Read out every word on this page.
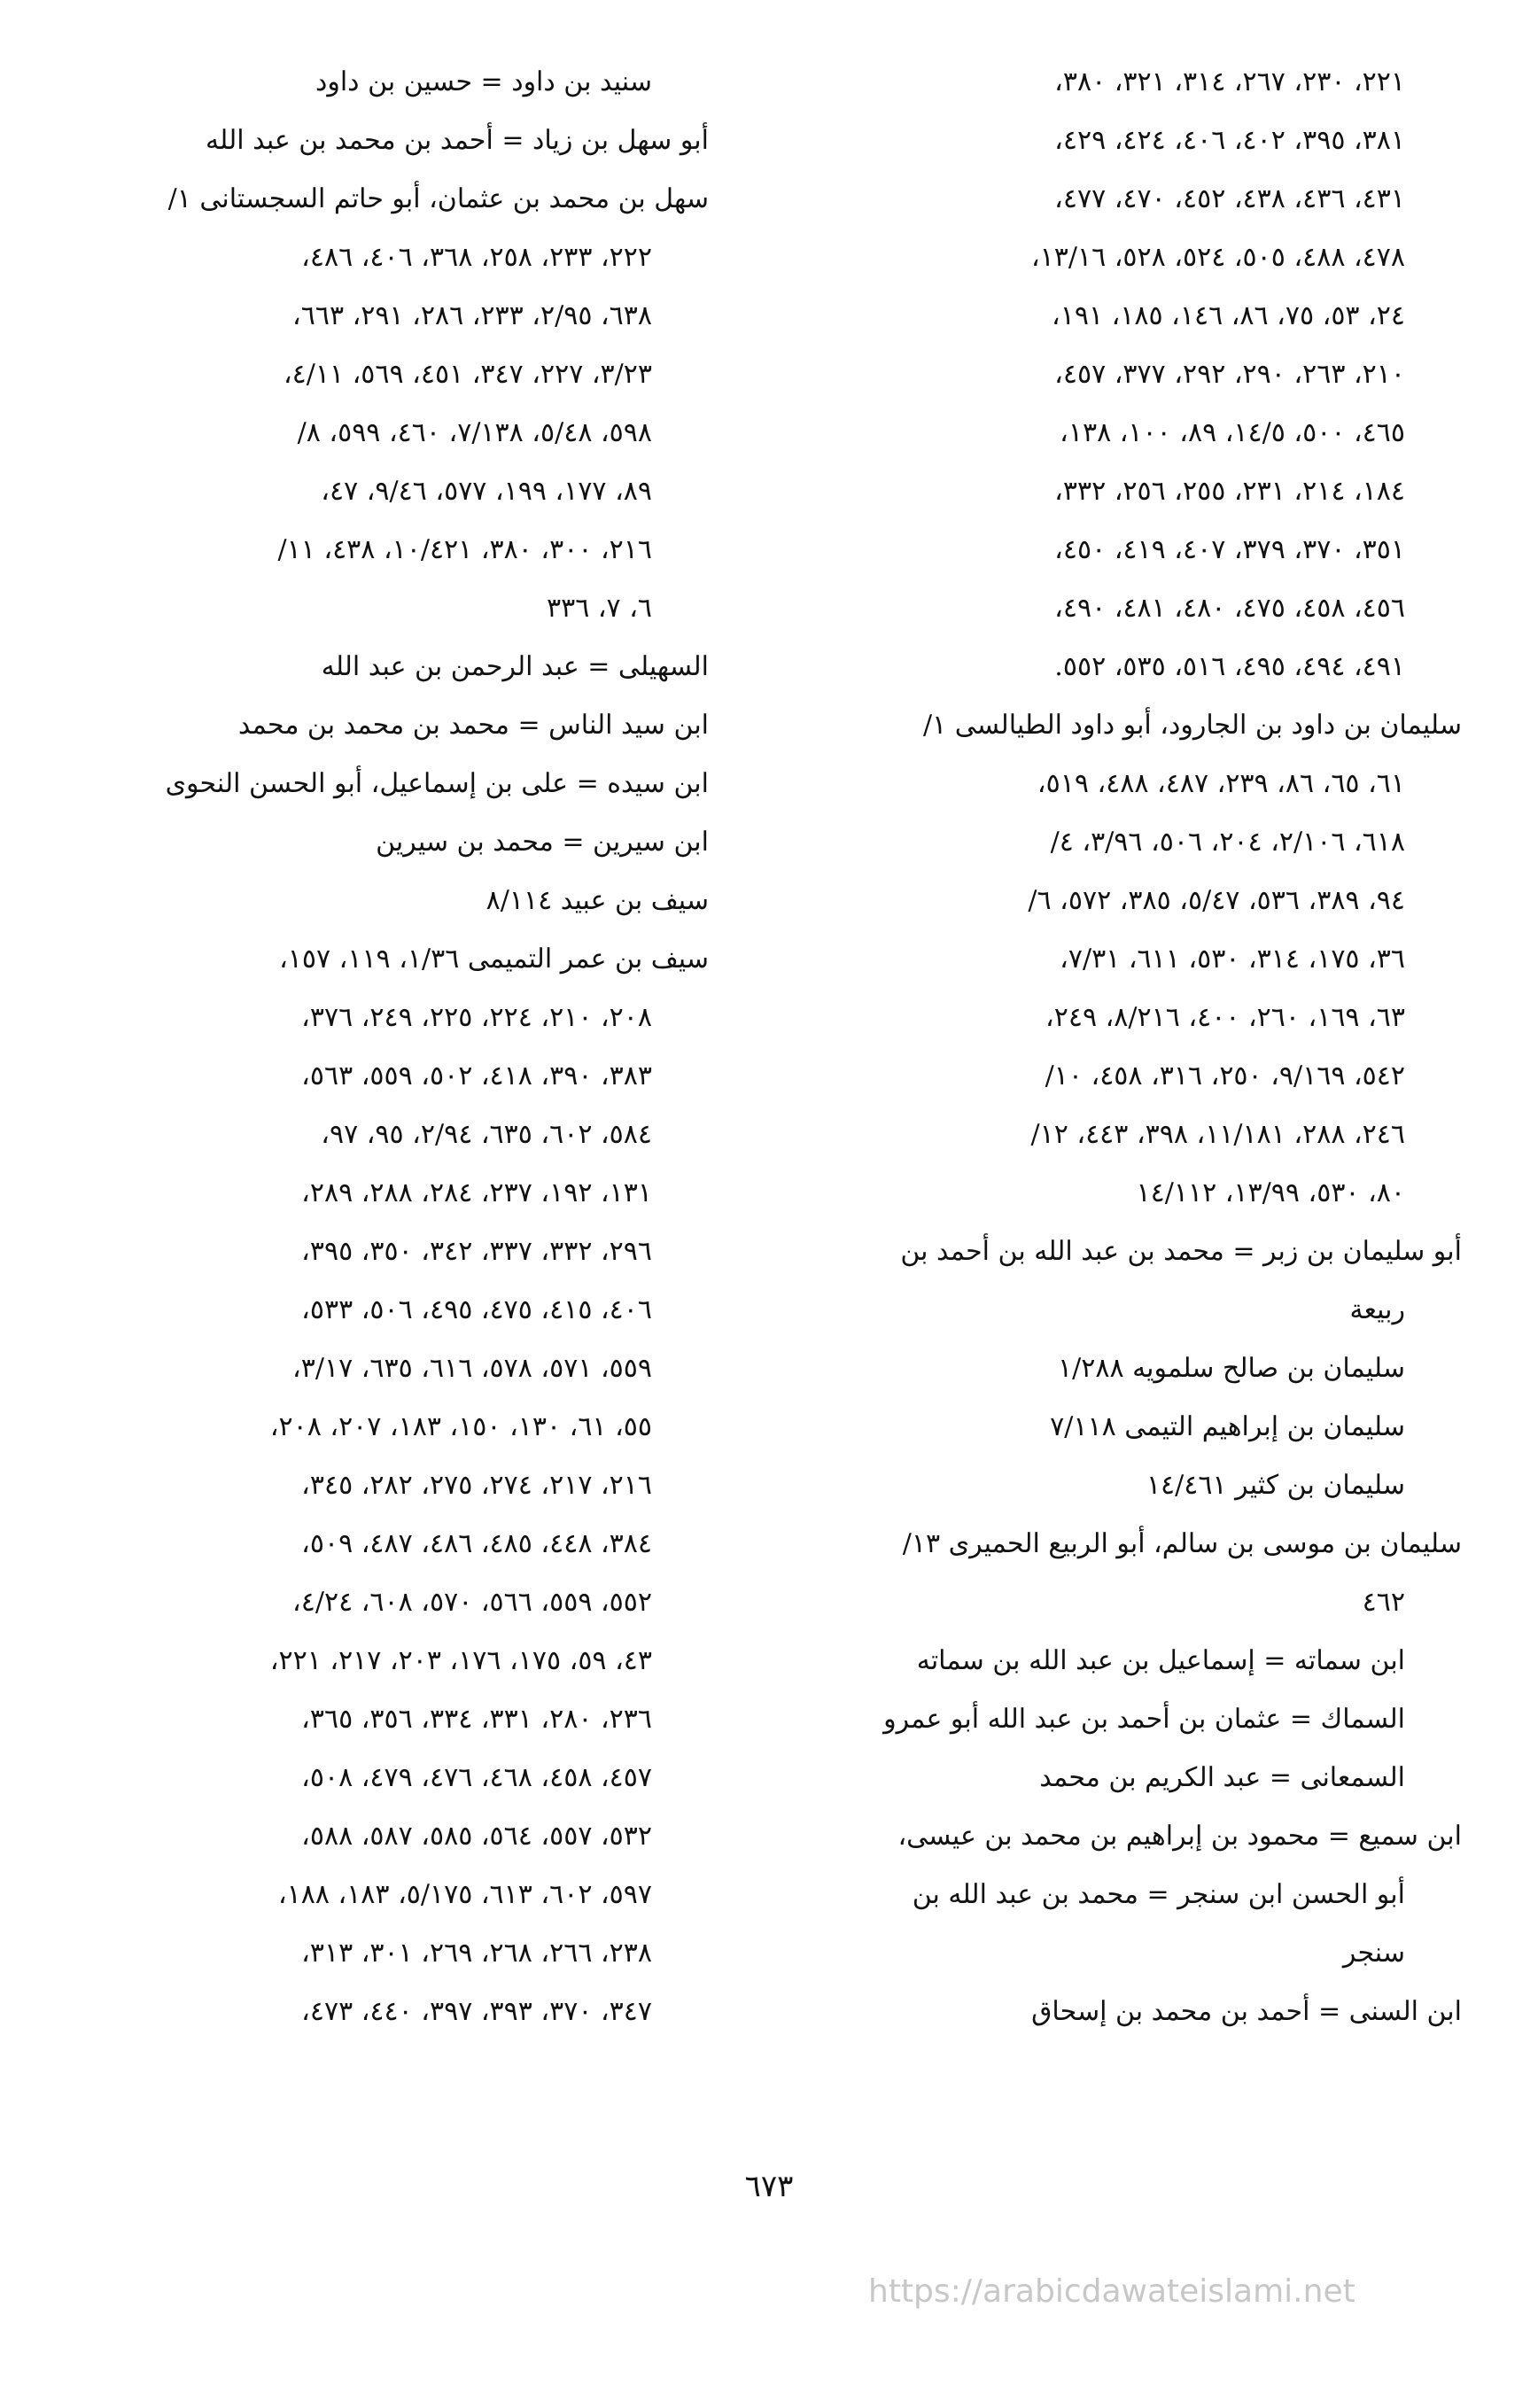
٢٢١، ٢٣٠، ٢٦٧، ٣١٤، ٣٢١، ٣٨٠،
٣٨١، ٣٩٥، ٤٠٢، ٤٠٦، ٤٢٤، ٤٢٩،
٤٣١، ٤٣٦، ٤٣٨، ٤٥٢، ٤٧٠، ٤٧٧،
٤٧٨، ٤٨٨، ٥٠٥، ٥٢٤، ٥٢٨، ١٣/١٦،
٢٤، ٥٣، ٧٥، ٨٦، ١٤٦، ١٨٥، ١٩١،
٢١٠، ٢٦٣، ٢٩٠، ٢٩٢، ٣٧٧، ٤٥٧،
٤٦٥، ٥٠٠، ١٤/٥، ٨٩، ١٠٠، ١٣٨،
١٨٤، ٢١٤، ٢٣١، ٢٥٥، ٢٥٦، ٣٣٢،
٣٥١، ٣٧٠، ٣٧٩، ٤٠٧، ٤١٩، ٤٥٠،
٤٥٦، ٤٥٨، ٤٧٥، ٤٨٠، ٤٨١، ٤٩٠،
٤٩١، ٤٩٤، ٤٩٥، ٥١٦، ٥٣٥، ٥٥٢.
سليمان بن داود بن الجارود، أبو داود الطيالسى ١/
٦١، ٦٥، ٨٦، ٢٣٩، ٤٨٧، ٤٨٨، ٥١٩،
٦١٨، ٢/١٠٦، ٢٠٤، ٥٠٦، ٣/٩٦، ٤/
٩٤، ٣٨٩، ٥٣٦، ٥/٤٧، ٣٨٥، ٥٧٢، ٦/
٣٦، ١٧٥، ٣١٤، ٥٣٠، ٦١١، ٧/٣١،
٦٣، ١٦٩، ٢٦٠، ٤٠٠، ٨/٢١٦، ٢٤٩،
٥٤٢، ٩/١٦٩، ٢٥٠، ٣١٦، ٤٥٨، ١٠/
٢٤٦، ٢٨٨، ١١/١٨١، ٣٩٨، ٤٤٣، ١٢/
٨٠، ٥٣٠، ١٣/٩٩، ١٤/١١٢
أبو سليمان بن زبر = محمد بن عبد الله بن أحمد بن
ربيعة
سليمان بن صالح سلمويه ١/٢٨٨
سليمان بن إبراهيم التيمى ٧/١١٨
سليمان بن كثير ١٤/٤٦١
سليمان بن موسى بن سالم، أبو الربيع الحميرى ١٣/
٤٦٢
ابن سماته = إسماعيل بن عبد الله بن سماته
السماك = عثمان بن أحمد بن عبد الله أبو عمرو
السمعانى = عبد الكريم بن محمد
ابن سميع = محمود بن إبراهيم بن محمد بن عيسى،
أبو الحسن ابن سنجر = محمد بن عبد الله بن
سنجر
ابن السنى = أحمد بن محمد بن إسحاق
سنيد بن داود = حسين بن داود
أبو سهل بن زياد = أحمد بن محمد بن عبد الله
سهل بن محمد بن عثمان، أبو حاتم السجستانى ١/
٢٢٢، ٢٣٣، ٢٥٨، ٣٦٨، ٤٠٦، ٤٨٦،
٦٣٨، ٢/٩٥، ٢٣٣، ٢٨٦، ٢٩١، ٦٦٣،
٣/٢٣، ٢٢٧، ٣٤٧، ٤٥١، ٥٦٩، ٤/١١،
٥٩٨، ٥/٤٨، ٧/١٣٨، ٤٦٠، ٥٩٩، ٨/
٨٩، ١٧٧، ١٩٩، ٥٧٧، ٩/٤٦، ٤٧،
٢١٦، ٣٠٠، ٣٨٠، ١٠/٤٢١، ٤٣٨، ١١/
٦، ٧، ٣٣٦
السهيلى = عبد الرحمن بن عبد الله
ابن سيد الناس = محمد بن محمد بن محمد
ابن سيده = على بن إسماعيل، أبو الحسن النحوى
ابن سيرين = محمد بن سيرين
سيف بن عبيد ٨/١١٤
سيف بن عمر التميمى ١/٣٦، ١١٩، ١٥٧،
٢٠٨، ٢١٠، ٢٢٤، ٢٢٥، ٢٤٩، ٣٧٦،
٣٨٣، ٣٩٠، ٤١٨، ٥٠٢، ٥٥٩، ٥٦٣،
٥٨٤، ٦٠٢، ٦٣٥، ٢/٩٤، ٩٥، ٩٧،
١٣١، ١٩٢، ٢٣٧، ٢٨٤، ٢٨٨، ٢٨٩،
٢٩٦، ٣٣٢، ٣٣٧، ٣٤٢، ٣٥٠، ٣٩٥،
٤٠٦، ٤١٥، ٤٧٥، ٤٩٥، ٥٠٦، ٥٣٣،
٥٥٩، ٥٧١، ٥٧٨، ٦١٦، ٦٣٥، ٣/١٧،
٥٥، ٦١، ١٣٠، ١٥٠، ١٨٣، ٢٠٧، ٢٠٨،
٢١٦، ٢١٧، ٢٧٤، ٢٧٥، ٢٨٢، ٣٤٥،
٣٨٤، ٤٤٨، ٤٨٥، ٤٨٦، ٤٨٧، ٥٠٩،
٥٥٢، ٥٥٩، ٥٦٦، ٥٧٠، ٦٠٨، ٤/٢٤،
٤٣، ٥٩، ١٧٥، ١٧٦، ٢٠٣، ٢١٧، ٢٢١،
٢٣٦، ٢٨٠، ٣٣١، ٣٣٤، ٣٥٦، ٣٦٥،
٤٥٧، ٤٥٨، ٤٦٨، ٤٧٦، ٤٧٩، ٥٠٨،
٥٣٢، ٥٥٧، ٥٦٤، ٥٨٥، ٥٨٧، ٥٨٨،
٥٩٧، ٦٠٢، ٦١٣، ٥/١٧٥، ١٨٣، ١٨٨،
٢٣٨، ٢٦٦، ٢٦٨، ٢٦٩، ٣٠١، ٣١٣،
٣٤٧، ٣٧٠، ٣٩٣، ٣٩٧، ٤٤٠، ٤٧٣،
٦٧٣
https://arabicdawateislami.net
